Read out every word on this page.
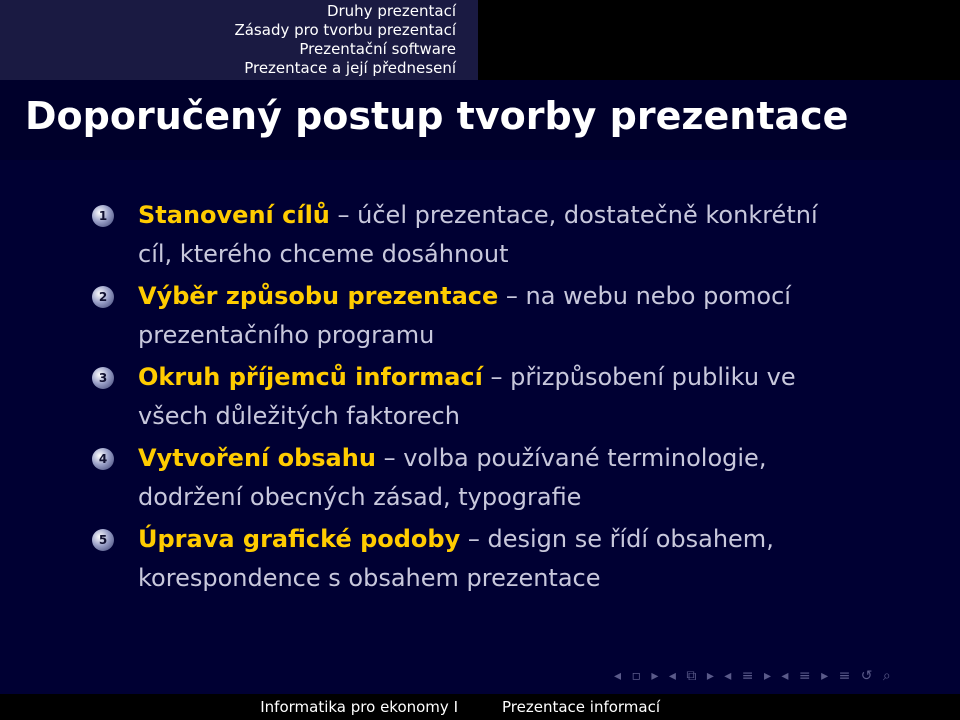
Druhy prezentací
Zásady pro tvorbu prezentací
Prezentační software
Prezentace a její přednesení
Doporučený postup tvorby prezentace
1 Stanovení cílů – účel prezentace, dostatečně konkrétní cíl, kterého chceme dosáhnout
2 Výběr způsobu prezentace – na webu nebo pomocí prezentačního programu
3 Okruh příjemců informací – přizpůsobení publiku ve všech důležitých faktorech
4 Vytvoření obsahu – volba používané terminologie, dodržení obecných zásad, typografie
5 Úprava grafické podoby – design se řídí obsahem, korespondence s obsahem prezentace
◂ ▫ ▸ ◂ ⧉ ▸ ◂ ≡ ▸ ◂ ≡ ▸ ≡ ↺ ⌕
Informatika pro ekonomy I	Prezentace informací
